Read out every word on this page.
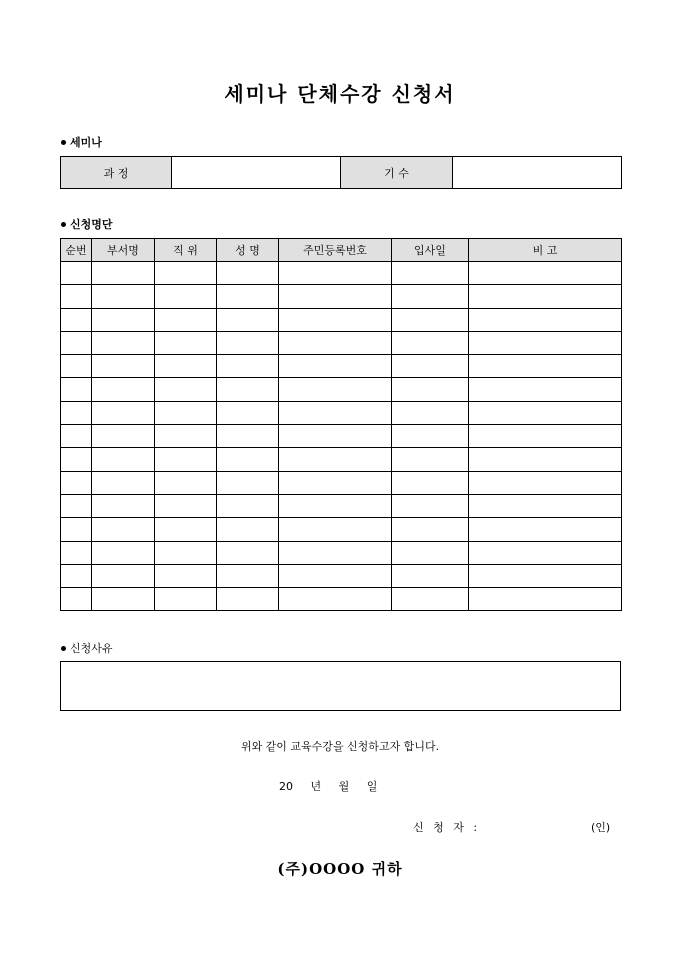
세미나 단체수강 신청서
세미나
과 정		기 수	
신청명단
순번	부서명	직 위	성 명	주민등록번호	입사일	비 고

신청사유
위와 같이 교육수강을 신청하고자 합니다.
20 년 월 일
신 청 자 :	(인)
(주)OOOO 귀하
